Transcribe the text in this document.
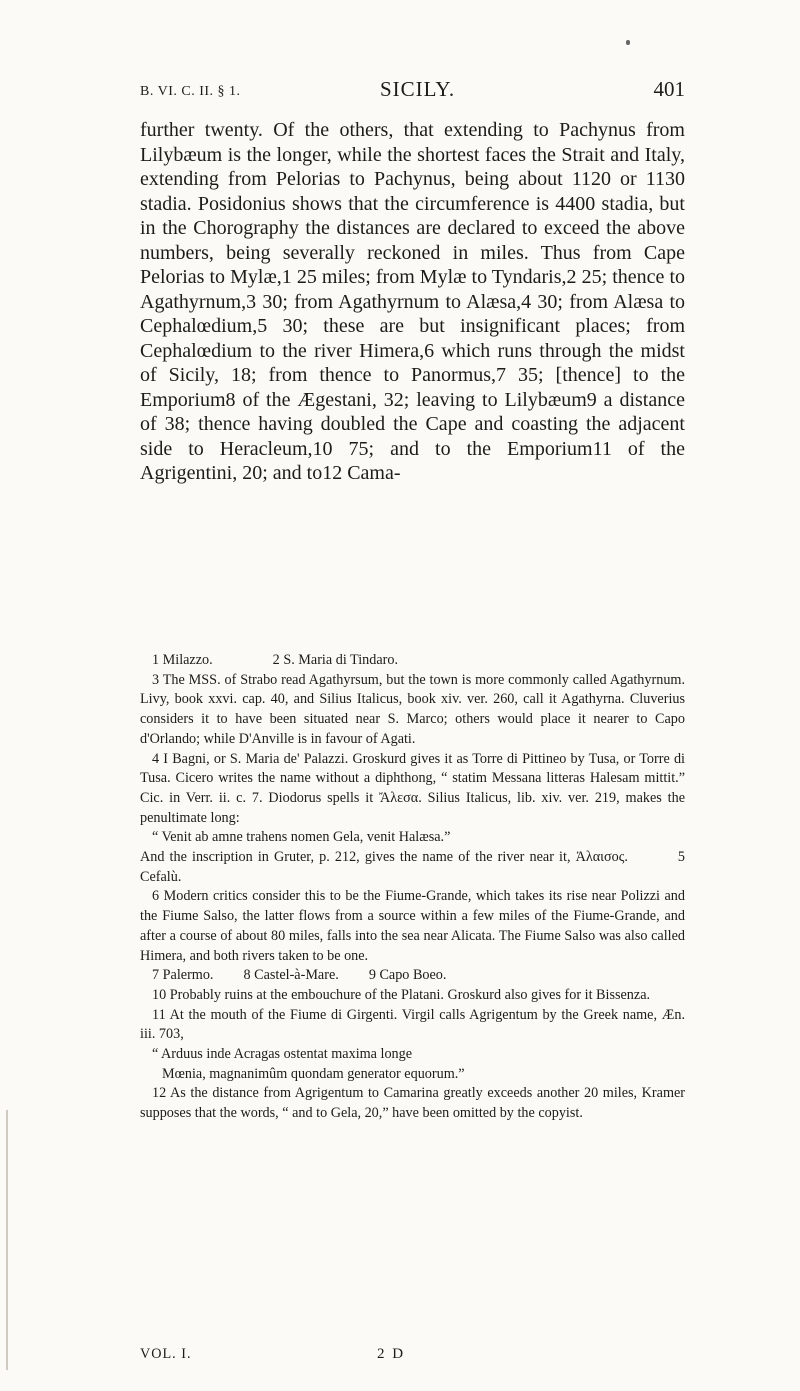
B. VI. C. II. § 1.	SICILY.	401

further twenty. Of the others, that extending to Pachynus from Lilybæum is the longer, while the shortest faces the Strait and Italy, extending from Pelorias to Pachynus, being about 1120 or 1130 stadia. Posidonius shows that the circumference is 4400 stadia, but in the Chorography the distances are declared to exceed the above numbers, being severally reckoned in miles. Thus from Cape Pelorias to Mylæ,1 25 miles; from Mylæ to Tyndaris,2 25; thence to Agathyrnum,3 30; from Agathyrnum to Alæsa,4 30; from Alæsa to Cephalœdium,5 30; these are but insignificant places; from Cephalœdium to the river Himera,6 which runs through the midst of Sicily, 18; from thence to Panormus,7 35; [thence] to the Emporium8 of the Ægestani, 32; leaving to Lilybæum9 a distance of 38; thence having doubled the Cape and coasting the adjacent side to Heracleum,10 75; and to the Emporium11 of the Agrigentini, 20; and to12 Cama-

1 Milazzo.	2 S. Maria di Tindaro.

3 The MSS. of Strabo read Agathyrsum, but the town is more commonly called Agathyrnum. Livy, book xxvi. cap. 40, and Silius Italicus, book xiv. ver. 260, call it Agathyrna. Cluverius considers it to have been situated near S. Marco; others would place it nearer to Capo d'Orlando; while D'Anville is in favour of Agati.

4 I Bagni, or S. Maria de' Palazzi. Groskurd gives it as Torre di Pittineo by Tusa, or Torre di Tusa. Cicero writes the name without a diphthong, “ statim Messana litteras Halesam mittit.” Cic. in Verr. ii. c. 7. Diodorus spells it Ἄλεσα. Silius Italicus, lib. xiv. ver. 219, makes the penultimate long:

“ Venit ab amne trahens nomen Gela, venit Halæsa.”

And the inscription in Gruter, p. 212, gives the name of the river near it, Ἀλαισος.	5 Cefalù.

6 Modern critics consider this to be the Fiume-Grande, which takes its rise near Polizzi and the Fiume Salso, the latter flows from a source within a few miles of the Fiume-Grande, and after a course of about 80 miles, falls into the sea near Alicata. The Fiume Salso was also called Himera, and both rivers taken to be one.

7 Palermo. 8 Castel-à-Mare. 9 Capo Boeo.

10 Probably ruins at the embouchure of the Platani. Groskurd also gives for it Bissenza.

11 At the mouth of the Fiume di Girgenti. Virgil calls Agrigentum by the Greek name, Æn. iii. 703,

“ Arduus inde Acragas ostentat maxima longe

Mœnia, magnanimûm quondam generator equorum.”

12 As the distance from Agrigentum to Camarina greatly exceeds another 20 miles, Kramer supposes that the words, “ and to Gela, 20,” have been omitted by the copyist.

VOL. I.	2 D
